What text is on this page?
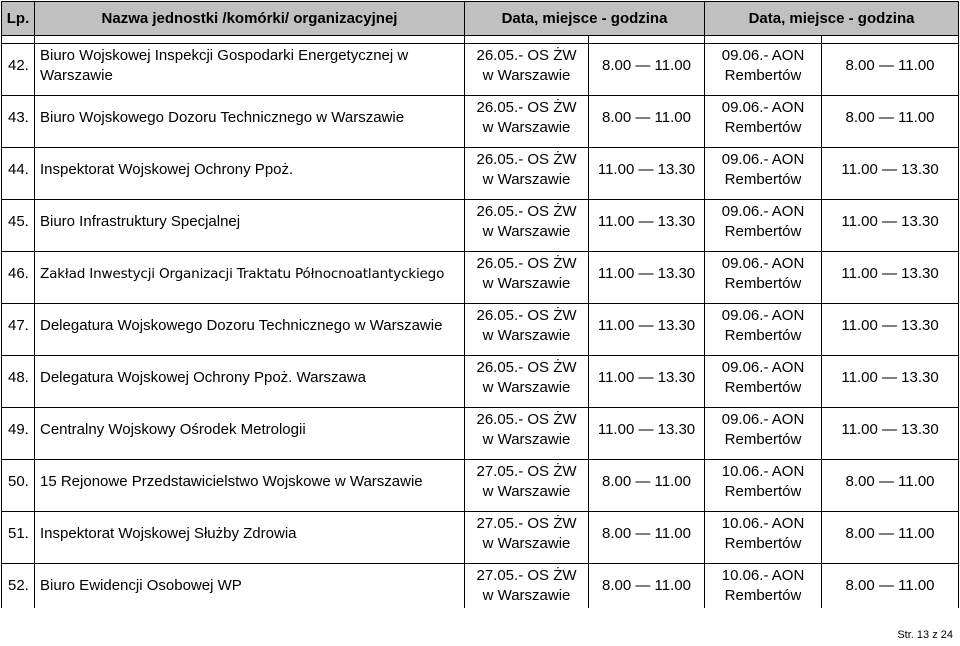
Lp.	Nazwa jednostki /komórki/ organizacyjnej	Data, miejsce - godzina		Data, miejsce - godzina	

42.	Biuro Wojskowej Inspekcji Gospodarki Energetycznej w
Warszawie	26.05.- OS ŻW
w Warszawie	8.00 — 11.00	09.06.- AON
Rembertów	8.00 — 11.00

43.	Biuro Wojskowego Dozoru Technicznego w Warszawie	26.05.- OS ŻW
w Warszawie	8.00 — 11.00	09.06.- AON
Rembertów	8.00 — 11.00

44.	Inspektorat Wojskowej Ochrony Ppoż.	26.05.- OS ŻW
w Warszawie	11.00 — 13.30	09.06.- AON
Rembertów	11.00 — 13.30

45.	Biuro Infrastruktury Specjalnej	26.05.- OS ŻW
w Warszawie	11.00 — 13.30	09.06.- AON
Rembertów	11.00 — 13.30

46.	Zakład Inwestycji Organizacji Traktatu Północnoatlantyckiego	26.05.- OS ŻW
w Warszawie	11.00 — 13.30	09.06.- AON
Rembertów	11.00 — 13.30

47.	Delegatura Wojskowego Dozoru Technicznego w Warszawie	26.05.- OS ŻW
w Warszawie	11.00 — 13.30	09.06.- AON
Rembertów	11.00 — 13.30

48.	Delegatura Wojskowej Ochrony Ppoż. Warszawa	26.05.- OS ŻW
w Warszawie	11.00 — 13.30	09.06.- AON
Rembertów	11.00 — 13.30

49.	Centralny Wojskowy Ośrodek Metrologii	26.05.- OS ŻW
w Warszawie	11.00 — 13.30	09.06.- AON
Rembertów	11.00 — 13.30

50.	15 Rejonowe Przedstawicielstwo Wojskowe w Warszawie	27.05.- OS ŻW
w Warszawie	8.00 — 11.00	10.06.- AON
Rembertów	8.00 — 11.00

51.	Inspektorat Wojskowej Służby Zdrowia	27.05.- OS ŻW
w Warszawie	8.00 — 11.00	10.06.- AON
Rembertów	8.00 — 11.00

52.	Biuro Ewidencji Osobowej WP	27.05.- OS ŻW
w Warszawie	8.00 — 11.00	10.06.- AON
Rembertów	8.00 — 11.00
Str. 13 z 24
